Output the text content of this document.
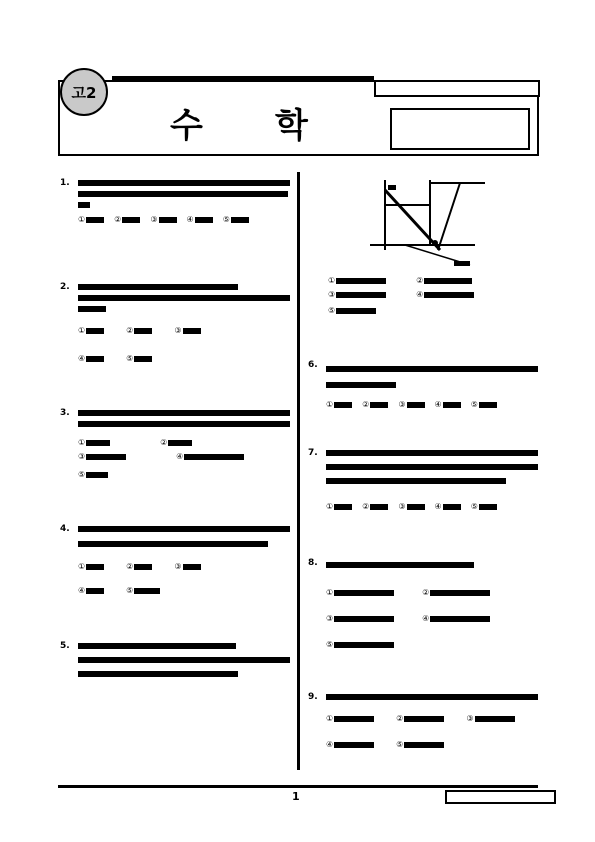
고2
수 학
1.
①	②	③	④	⑤
2.
①	②	③
④	⑤
3.
①	②
③	④
⑤
4.
①	②	③
④	⑤
5.
①	②
③	④
⑤
6.
①	②	③	④	⑤
7.
①	②	③	④	⑤
8.
①	②
③	④
⑤
9.
①	②	③
④	⑤
1
